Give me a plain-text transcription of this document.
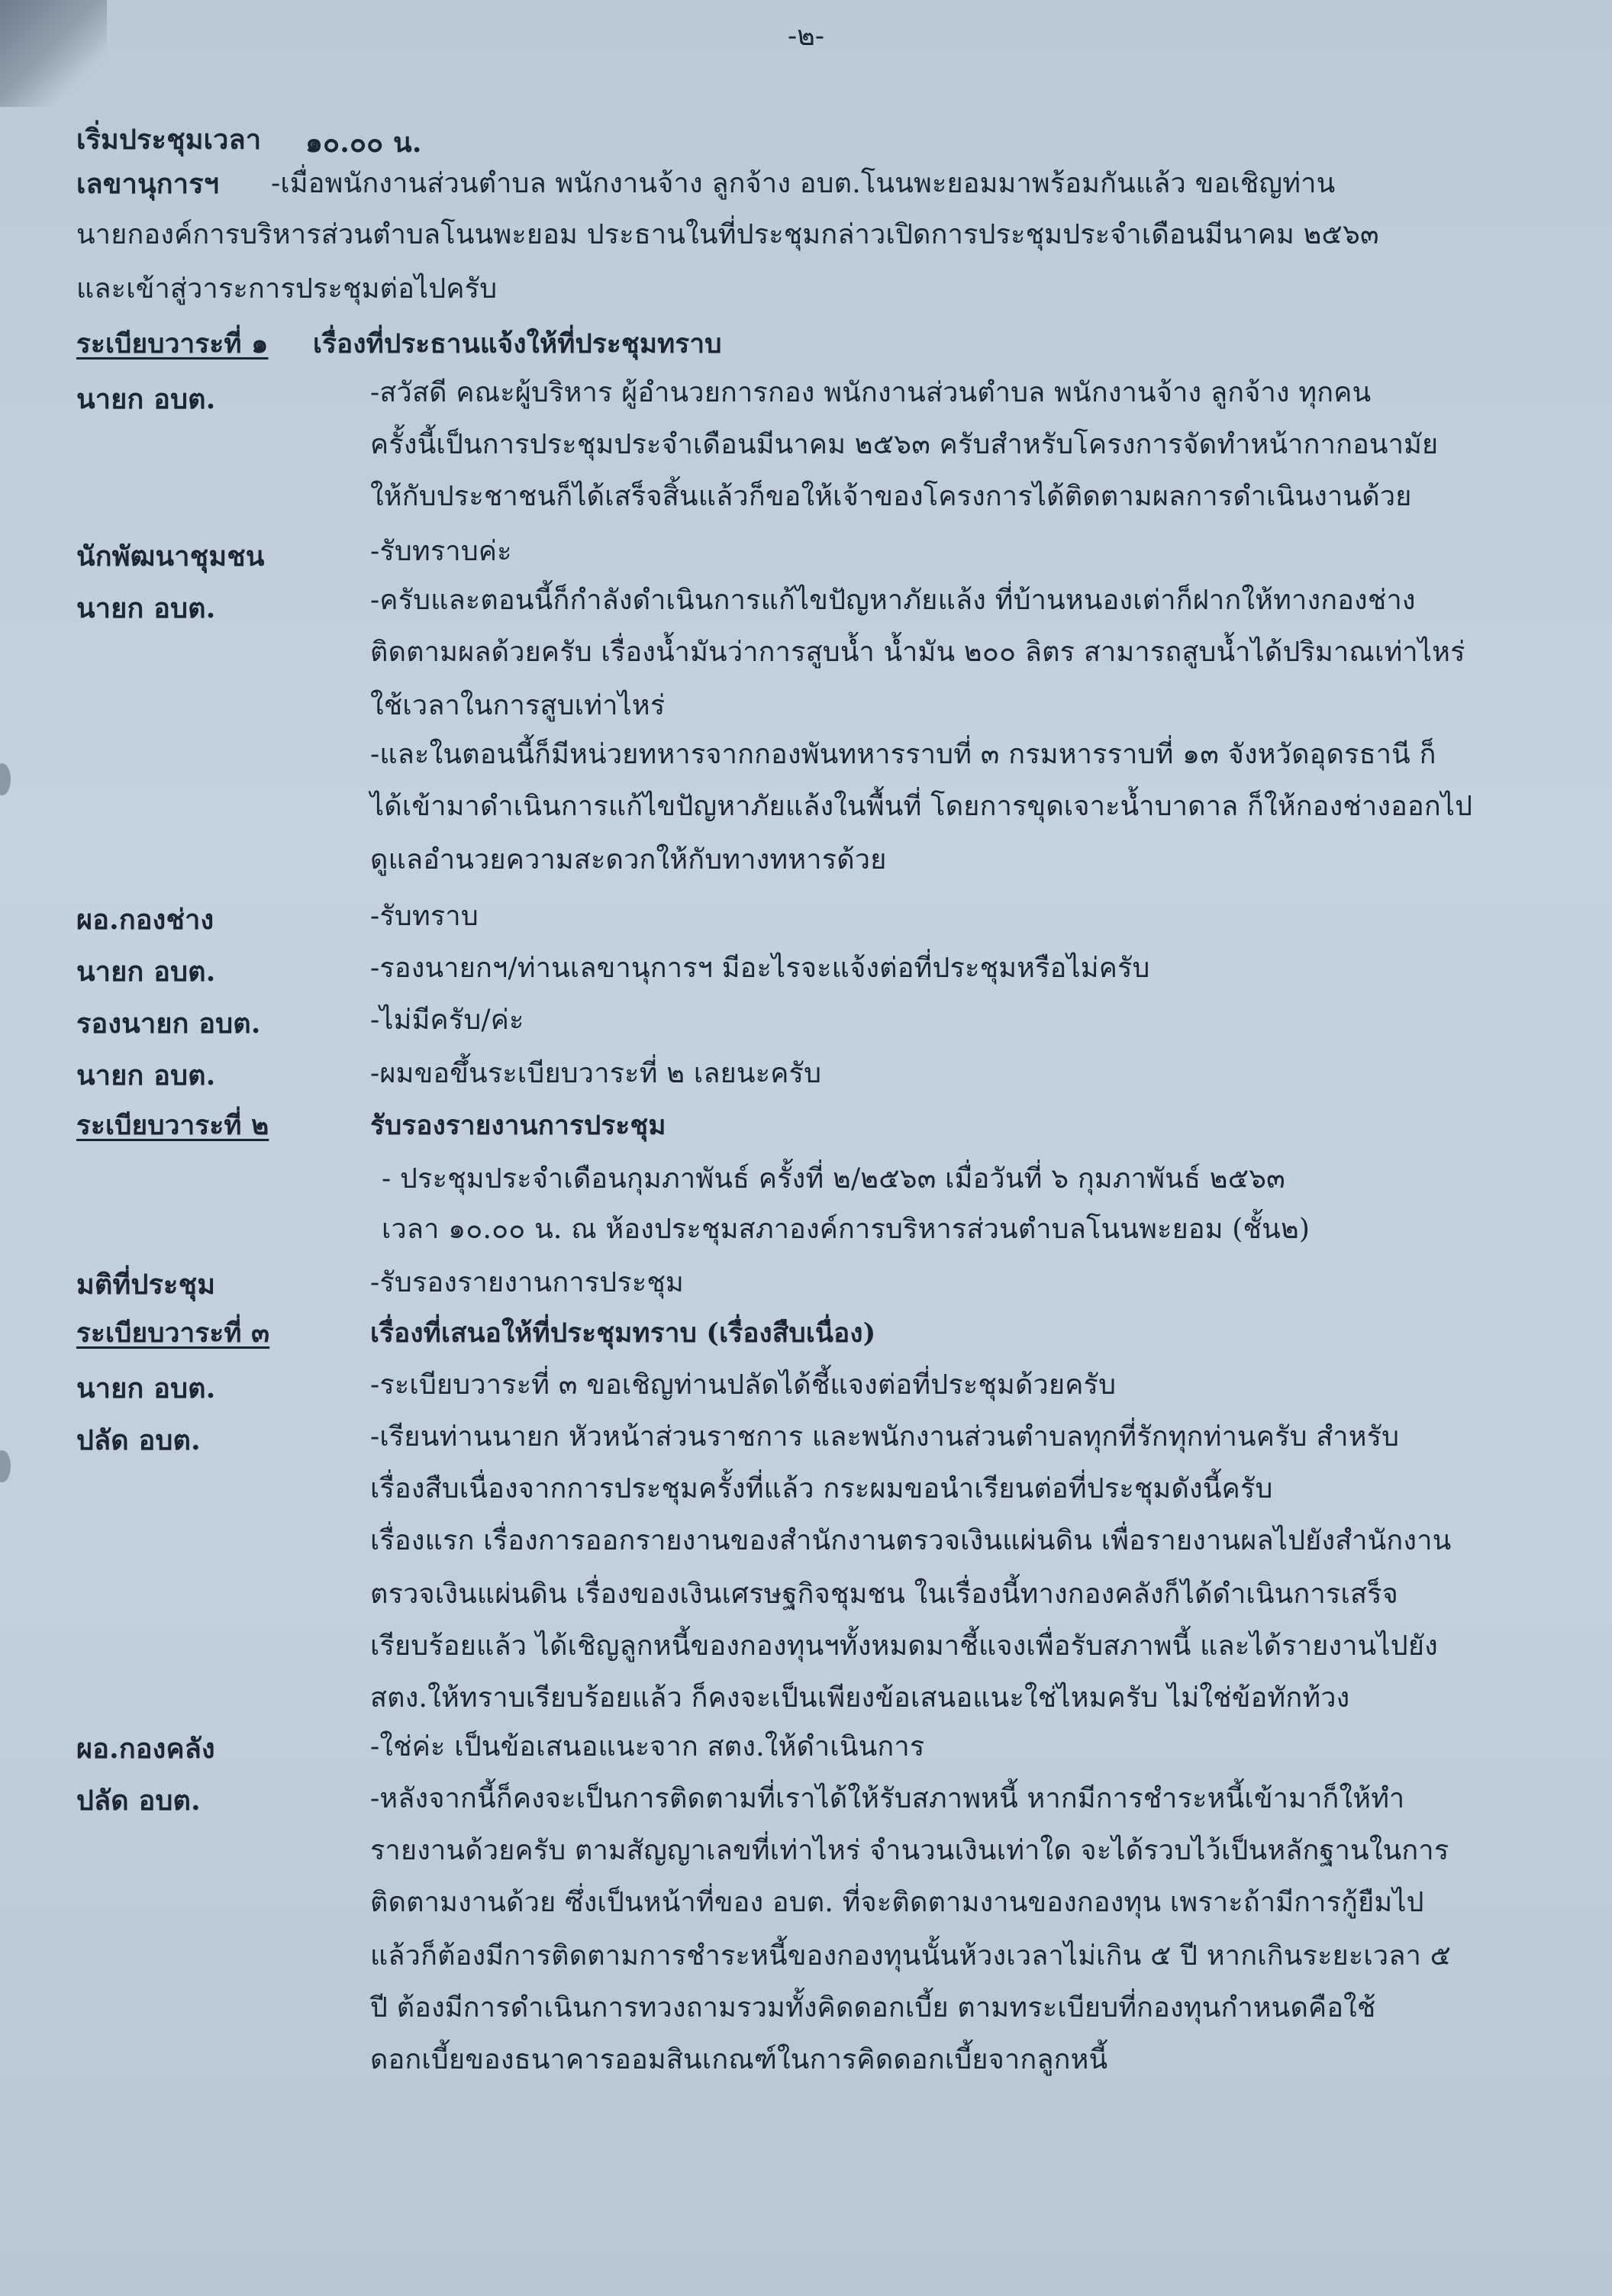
-๒-
เริ่มประชุมเวลา ๑๐.๐๐ น.
เลขานุการฯ -เมื่อพนักงานส่วนตำบล พนักงานจ้าง ลูกจ้าง อบต.โนนพะยอมมาพร้อมกันแล้ว ขอเชิญท่าน
นายกองค์การบริหารส่วนตำบลโนนพะยอม ประธานในที่ประชุมกล่าวเปิดการประชุมประจำเดือนมีนาคม ๒๕๖๓
และเข้าสู่วาระการประชุมต่อไปครับ
ระเบียบวาระที่ ๑ เรื่องที่ประธานแจ้งให้ที่ประชุมทราบ
นายก อบต.	-สวัสดี คณะผู้บริหาร ผู้อำนวยการกอง พนักงานส่วนตำบล พนักงานจ้าง ลูกจ้าง ทุกคน
ครั้งนี้เป็นการประชุมประจำเดือนมีนาคม ๒๕๖๓ ครับสำหรับโครงการจัดทำหน้ากากอนามัย
ให้กับประชาชนก็ได้เสร็จสิ้นแล้วก็ขอให้เจ้าของโครงการได้ติดตามผลการดำเนินงานด้วย
นักพัฒนาชุมชน	-รับทราบค่ะ
นายก อบต.	-ครับและตอนนี้ก็กำลังดำเนินการแก้ไขปัญหาภัยแล้ง ที่บ้านหนองเต่าก็ฝากให้ทางกองช่าง
ติดตามผลด้วยครับ เรื่องน้ำมันว่าการสูบน้ำ น้ำมัน ๒๐๐ ลิตร สามารถสูบน้ำได้ปริมาณเท่าไหร่
ใช้เวลาในการสูบเท่าไหร่
-และในตอนนี้ก็มีหน่วยทหารจากกองพันทหารราบที่ ๓ กรมหารราบที่ ๑๓ จังหวัดอุดรธานี ก็
ได้เข้ามาดำเนินการแก้ไขปัญหาภัยแล้งในพื้นที่ โดยการขุดเจาะน้ำบาดาล ก็ให้กองช่างออกไป
ดูแลอำนวยความสะดวกให้กับทางทหารด้วย
ผอ.กองช่าง	-รับทราบ
นายก อบต.	-รองนายกฯ/ท่านเลขานุการฯ มีอะไรจะแจ้งต่อที่ประชุมหรือไม่ครับ
รองนายก อบต.	-ไม่มีครับ/ค่ะ
นายก อบต.	-ผมขอขึ้นระเบียบวาระที่ ๒ เลยนะครับ
ระเบียบวาระที่ ๒	รับรองรายงานการประชุม
- ประชุมประจำเดือนกุมภาพันธ์ ครั้งที่ ๒/๒๕๖๓ เมื่อวันที่ ๖ กุมภาพันธ์ ๒๕๖๓
เวลา ๑๐.๐๐ น. ณ ห้องประชุมสภาองค์การบริหารส่วนตำบลโนนพะยอม (ชั้น๒)
มติที่ประชุม	-รับรองรายงานการประชุม
ระเบียบวาระที่ ๓	เรื่องที่เสนอให้ที่ประชุมทราบ (เรื่องสืบเนื่อง)
นายก อบต.	-ระเบียบวาระที่ ๓ ขอเชิญท่านปลัดได้ชี้แจงต่อที่ประชุมด้วยครับ
ปลัด อบต.	-เรียนท่านนายก หัวหน้าส่วนราชการ และพนักงานส่วนตำบลทุกที่รักทุกท่านครับ สำหรับ
เรื่องสืบเนื่องจากการประชุมครั้งที่แล้ว กระผมขอนำเรียนต่อที่ประชุมดังนี้ครับ
เรื่องแรก เรื่องการออกรายงานของสำนักงานตรวจเงินแผ่นดิน เพื่อรายงานผลไปยังสำนักงาน
ตรวจเงินแผ่นดิน เรื่องของเงินเศรษฐกิจชุมชน ในเรื่องนี้ทางกองคลังก็ได้ดำเนินการเสร็จ
เรียบร้อยแล้ว ได้เชิญลูกหนี้ของกองทุนฯทั้งหมดมาชี้แจงเพื่อรับสภาพนี้ และได้รายงานไปยัง
สตง.ให้ทราบเรียบร้อยแล้ว ก็คงจะเป็นเพียงข้อเสนอแนะใช่ไหมครับ ไม่ใช่ข้อทักท้วง
ผอ.กองคลัง	-ใช่ค่ะ เป็นข้อเสนอแนะจาก สตง.ให้ดำเนินการ
ปลัด อบต.	-หลังจากนี้ก็คงจะเป็นการติดตามที่เราได้ให้รับสภาพหนี้ หากมีการชำระหนี้เข้ามาก็ให้ทำ
รายงานด้วยครับ ตามสัญญาเลขที่เท่าไหร่ จำนวนเงินเท่าใด จะได้รวบไว้เป็นหลักฐานในการ
ติดตามงานด้วย ซึ่งเป็นหน้าที่ของ อบต. ที่จะติดตามงานของกองทุน เพราะถ้ามีการกู้ยืมไป
แล้วก็ต้องมีการติดตามการชำระหนี้ของกองทุนนั้นห้วงเวลาไม่เกิน ๕ ปี หากเกินระยะเวลา ๕
ปี ต้องมีการดำเนินการทวงถามรวมทั้งคิดดอกเบี้ย ตามทระเบียบที่กองทุนกำหนดคือใช้
ดอกเบี้ยของธนาคารออมสินเกณฑ์ในการคิดดอกเบี้ยจากลูกหนี้
